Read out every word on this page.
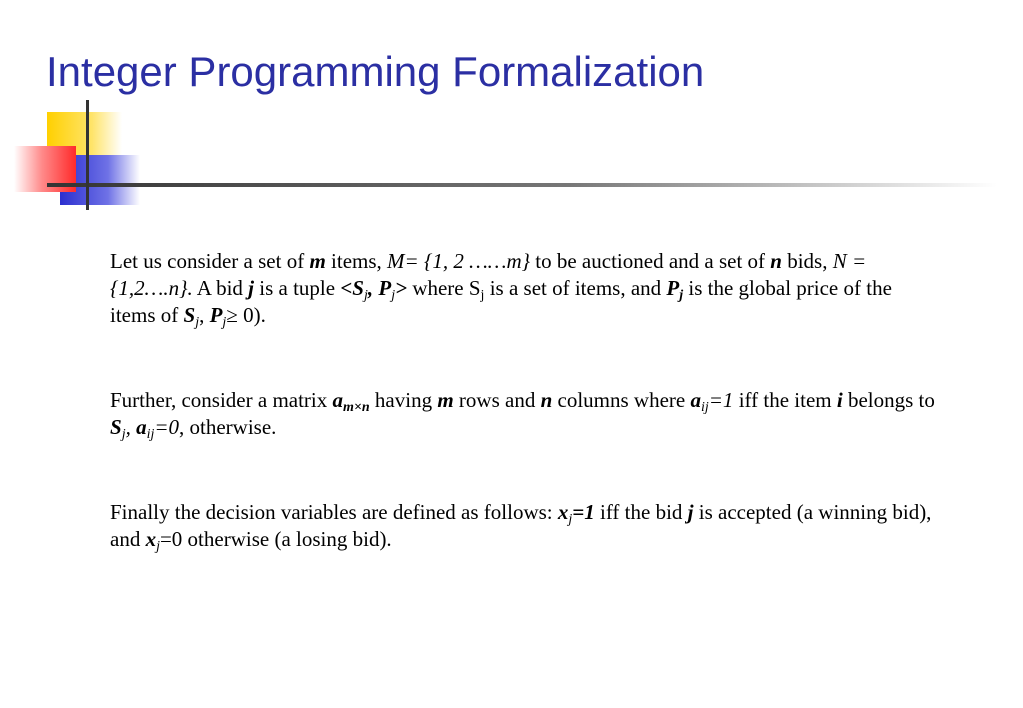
Integer Programming Formalization

Let us consider a set of m items, M= {1, 2 ……m} to be auctioned and a set of n bids, N ={1,2….n}. A bid j is a tuple $<S_j$, $P_j>$ where $S_j$ is a set of items, and $P_j$ is the global price of the items of $S_j$, $P_j\ge 0$).

Further, consider a matrix $a_{m\times n}$ having m rows and n columns where $a_{ij}=1$ iff the item i belongs to $S_j$, $a_{ij}=0$, otherwise.

Finally the decision variables are defined as follows: $x_j=1$ iff the bid j is accepted (a winning bid), and $x_j=0$ otherwise (a losing bid).
